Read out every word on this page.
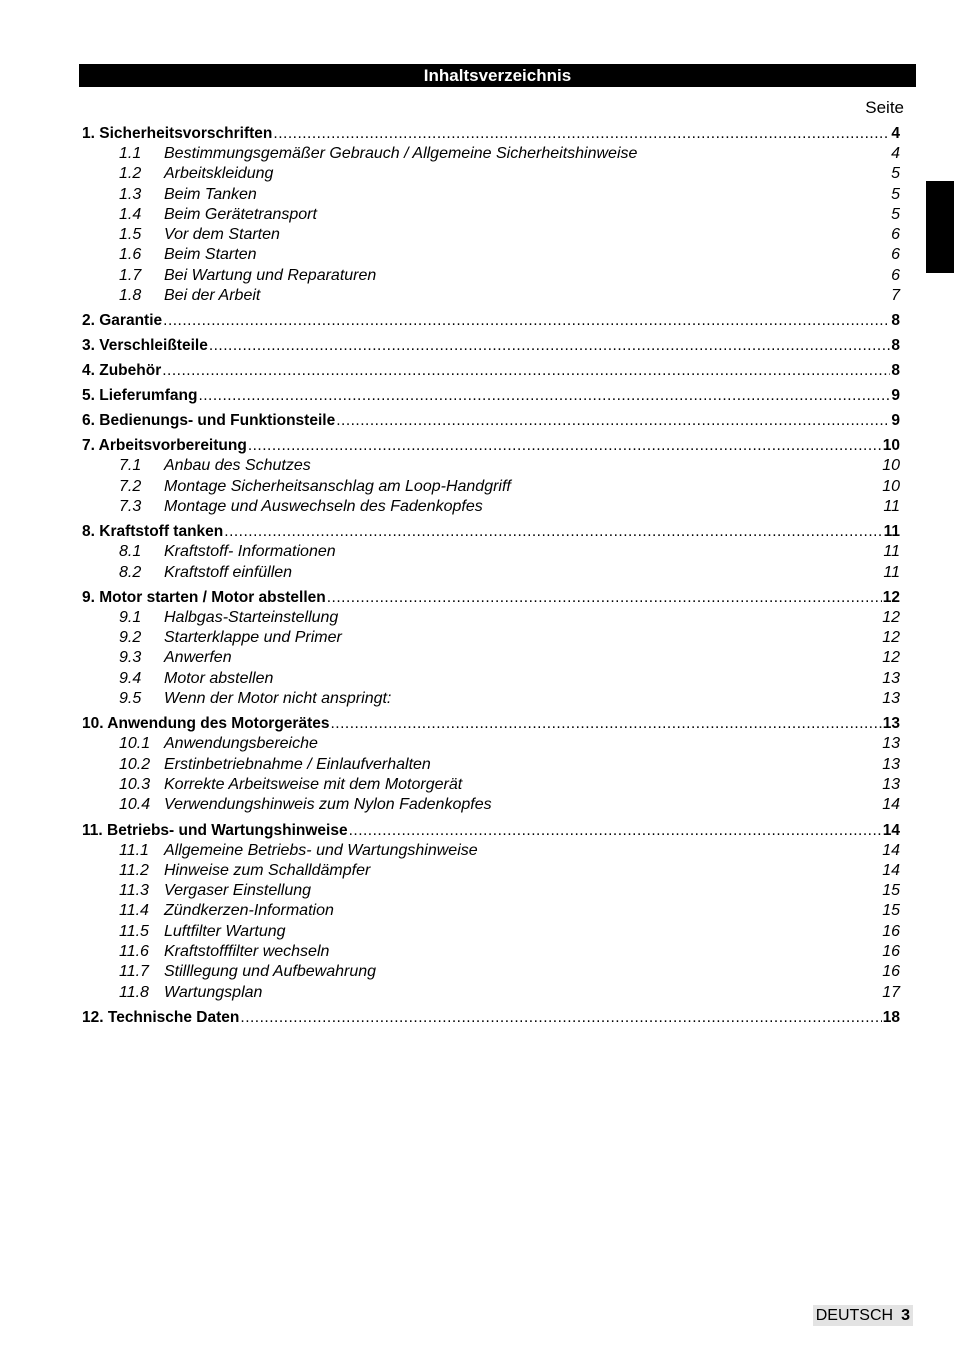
Inhaltsverzeichnis
Seite
1. Sicherheitsvorschriften .....	4
1.1	Bestimmungsgemäßer Gebrauch / Allgemeine Sicherheitshinweise	4
1.2	Arbeitskleidung	5
1.3	Beim Tanken	5
1.4	Beim Gerätetransport	5
1.5	Vor dem Starten	6
1.6	Beim Starten	6
1.7	Bei Wartung und Reparaturen	6
1.8	Bei der Arbeit	7
2. Garantie .....	8
3. Verschleißteile .....	8
4. Zubehör .....	8
5. Lieferumfang .....	9
6. Bedienungs- und Funktionsteile .....	9
7. Arbeitsvorbereitung .....	10
7.1	Anbau des Schutzes	10
7.2	Montage Sicherheitsanschlag am Loop-Handgriff	10
7.3	Montage und Auswechseln des Fadenkopfes	11
8. Kraftstoff tanken .....	11
8.1	Kraftstoff- Informationen	11
8.2	Kraftstoff einfüllen	11
9. Motor starten / Motor abstellen .....	12
9.1	Halbgas-Starteinstellung	12
9.2	Starterklappe und Primer	12
9.3	Anwerfen	12
9.4	Motor abstellen	13
9.5	Wenn der Motor nicht anspringt:	13
10. Anwendung des Motorgerätes .....	13
10.1 Anwendungsbereiche	13
10.2 Erstinbetriebnahme / Einlaufverhalten	13
10.3 Korrekte Arbeitsweise mit dem Motorgerät	13
10.4 Verwendungshinweis zum Nylon Fadenkopfes	14
11. Betriebs- und Wartungshinweise .....	14
11.1 Allgemeine Betriebs- und Wartungshinweise	14
11.2 Hinweise zum Schalldämpfer	14
11.3 Vergaser Einstellung	15
11.4 Zündkerzen-Information	15
11.5 Luftfilter Wartung	16
11.6 Kraftstofffilter wechseln	16
11.7 Stilllegung und Aufbewahrung	16
11.8 Wartungsplan	17
12. Technische Daten .....	18
DEUTSCH 3
